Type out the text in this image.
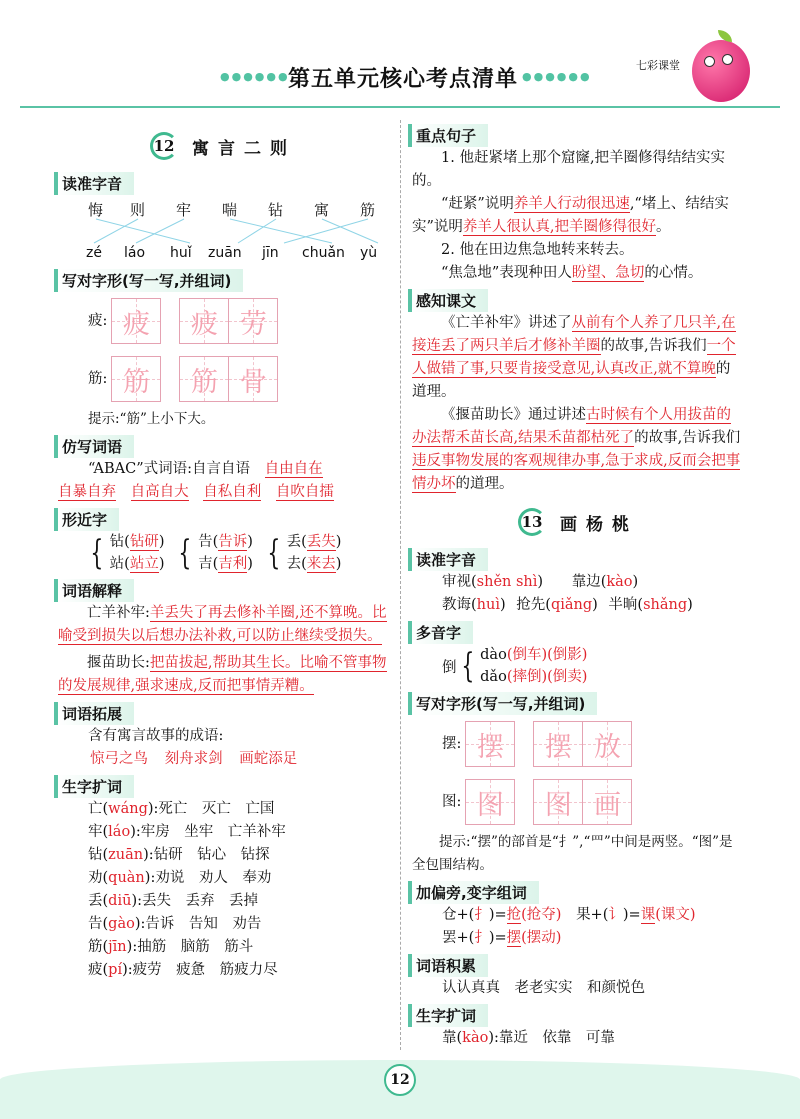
●●●●●●
第五单元核心考点清单 ●●●●●●
七彩课堂
12 寓言二则
读准字音
悔 则 牢 喘 钻 寓 筋
zé láo huǐ zuān jīn chuǎn yù
写对字形(写一写,并组词)
疲: 疲 疲 劳
筋: 筋 筋 骨
提示:“筋”上小下大。
仿写词语
“ABAC”式词语:自言自语 自由自在
自暴自弃 自高自大 自私自利 自吹自擂
形近字
{ 钻(钻研)
站(站立) { 告(告诉)
吉(吉利) { 丢(丢失)
去(来去)
词语解释
亡羊补牢:羊丢失了再去修补羊圈,还不算晚。比喻受到损失以后想办法补救,可以防止继续受损失。
揠苗助长:把苗拔起,帮助其生长。比喻不管事物的发展规律,强求速成,反而把事情弄糟。
词语拓展
含有寓言故事的成语:
惊弓之鸟 刻舟求剑 画蛇添足
生字扩词
亡(wáng):死亡　灭亡　亡国
牢(láo):牢房　坐牢　亡羊补牢
钻(zuān):钻研　钻心　钻探
劝(quàn):劝说　劝人　奉劝
丢(diū):丢失　丢弃　丢掉
告(gào):告诉　告知　劝告
筋(jīn):抽筋　脑筋　筋斗
疲(pí):疲劳　疲惫　筋疲力尽
重点句子
1. 他赶紧堵上那个窟窿,把羊圈修得结结实实的。
“赶紧”说明养羊人行动很迅速,“堵上、结结实实”说明养羊人很认真,把羊圈修得很好。
2. 他在田边焦急地转来转去。
“焦急地”表现种田人盼望、急切的心情。
感知课文
《亡羊补牢》讲述了从前有个人养了几只羊,在接连丢了两只羊后才修补羊圈的故事,告诉我们一个人做错了事,只要肯接受意见,认真改正,就不算晚的道理。
《揠苗助长》通过讲述古时候有个人用拔苗的办法帮禾苗长高,结果禾苗都枯死了的故事,告诉我们违反事物发展的客观规律办事,急于求成,反而会把事情办坏的道理。
13 画杨桃
读准字音
审视(shěn shì) 靠边(kào)
教诲(huì) 抢先(qiǎng) 半晌(shǎng)
多音字
倒 { dào(倒车)(倒影)
dǎo(摔倒)(倒卖)
写对字形(写一写,并组词)
摆: 摆 摆 放
图: 图 图 画
提示:“摆”的部首是“扌”,“罒”中间是两竖。“图”是全包围结构。
加偏旁,变字组词
仓+(扌)=抢(抢夺) 果+(讠)=课(课文)
罢+(扌)=摆(摆动)
词语积累
认认真真　老老实实　和颜悦色
生字扩词
靠(kào):靠近　依靠　可靠
12
